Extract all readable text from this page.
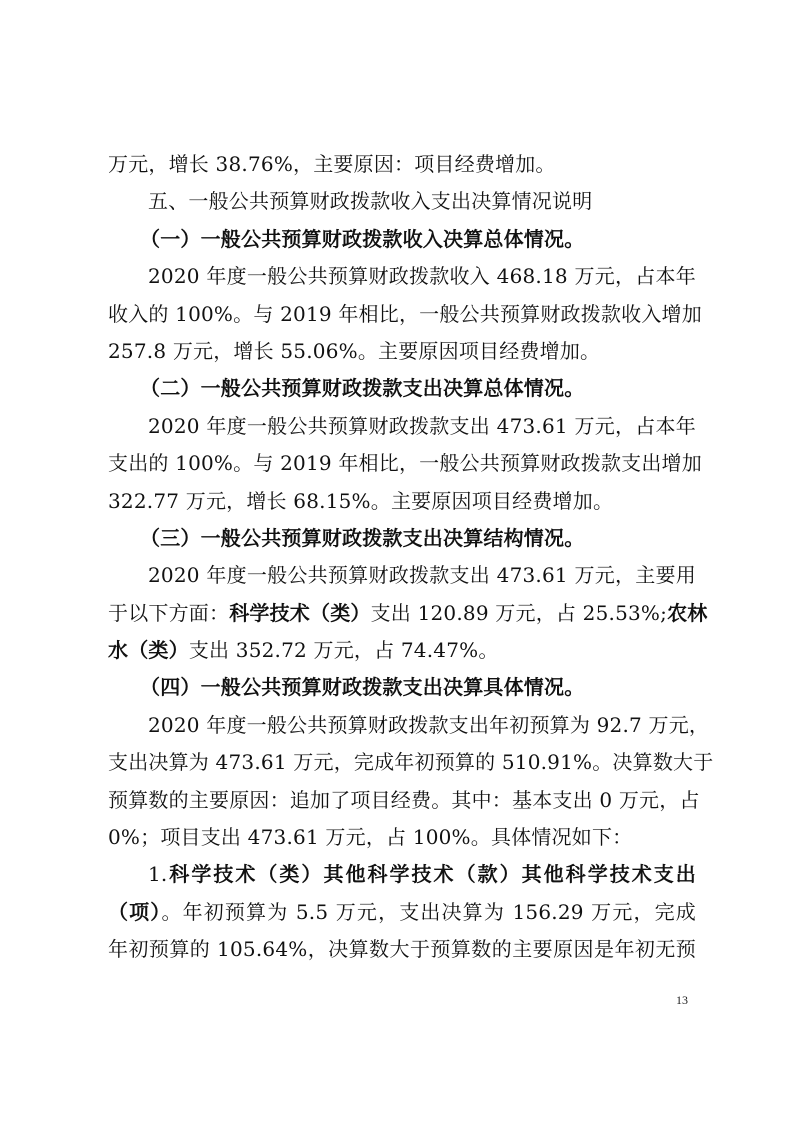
万元，增长 38.76%，主要原因：项目经费增加。
五、一般公共预算财政拨款收入支出决算情况说明
（一）一般公共预算财政拨款收入决算总体情况。
2020 年度一般公共预算财政拨款收入 468.18 万元，占本年
收入的 100%。与 2019 年相比，一般公共预算财政拨款收入增加
257.8 万元，增长 55.06%。主要原因项目经费增加。
（二）一般公共预算财政拨款支出决算总体情况。
2020 年度一般公共预算财政拨款支出 473.61 万元，占本年
支出的 100%。与 2019 年相比，一般公共预算财政拨款支出增加
322.77 万元，增长 68.15%。主要原因项目经费增加。
（三）一般公共预算财政拨款支出决算结构情况。
2020 年度一般公共预算财政拨款支出 473.61 万元，主要用
于以下方面：科学技术（类）支出 120.89 万元，占 25.53%;农林
水（类）支出 352.72 万元，占 74.47%。
（四）一般公共预算财政拨款支出决算具体情况。
2020 年度一般公共预算财政拨款支出年初预算为 92.7 万元，
支出决算为 473.61 万元，完成年初预算的 510.91%。决算数大于
预算数的主要原因：追加了项目经费。其中：基本支出 0 万元，占
0%；项目支出 473.61 万元，占 100%。具体情况如下：
1.科学技术（类）其他科学技术（款）其他科学技术支出
（项）。年初预算为 5.5 万元，支出决算为 156.29 万元，完成
年初预算的 105.64%，决算数大于预算数的主要原因是年初无预
13
